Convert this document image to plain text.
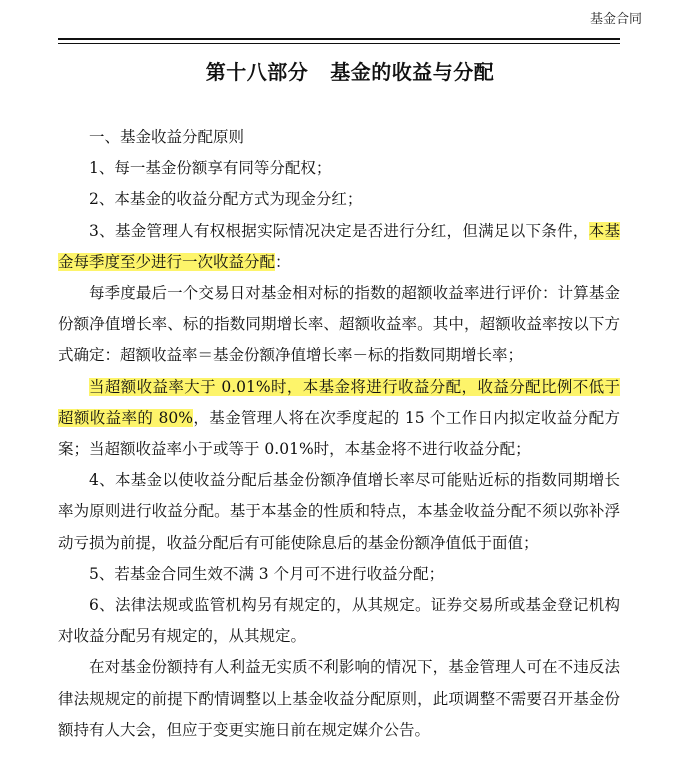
基金合同
第十八部分 基金的收益与分配

一、基金收益分配原则

1、每一基金份额享有同等分配权；

2、本基金的收益分配方式为现金分红；

3、基金管理人有权根据实际情况决定是否进行分红，但满足以下条件，本基金每季度至少进行一次收益分配：

每季度最后一个交易日对基金相对标的指数的超额收益率进行评价：计算基金份额净值增长率、标的指数同期增长率、超额收益率。其中，超额收益率按以下方式确定：超额收益率＝基金份额净值增长率－标的指数同期增长率；

当超额收益率大于 0.01%时，本基金将进行收益分配，收益分配比例不低于超额收益率的 80%，基金管理人将在次季度起的 15 个工作日内拟定收益分配方案；当超额收益率小于或等于 0.01%时，本基金将不进行收益分配；

4、本基金以使收益分配后基金份额净值增长率尽可能贴近标的指数同期增长率为原则进行收益分配。基于本基金的性质和特点，本基金收益分配不须以弥补浮动亏损为前提，收益分配后有可能使除息后的基金份额净值低于面值；

5、若基金合同生效不满 3 个月可不进行收益分配；

6、法律法规或监管机构另有规定的，从其规定。证券交易所或基金登记机构对收益分配另有规定的，从其规定。

在对基金份额持有人利益无实质不利影响的情况下，基金管理人可在不违反法律法规规定的前提下酌情调整以上基金收益分配原则，此项调整不需要召开基金份额持有人大会，但应于变更实施日前在规定媒介公告。
